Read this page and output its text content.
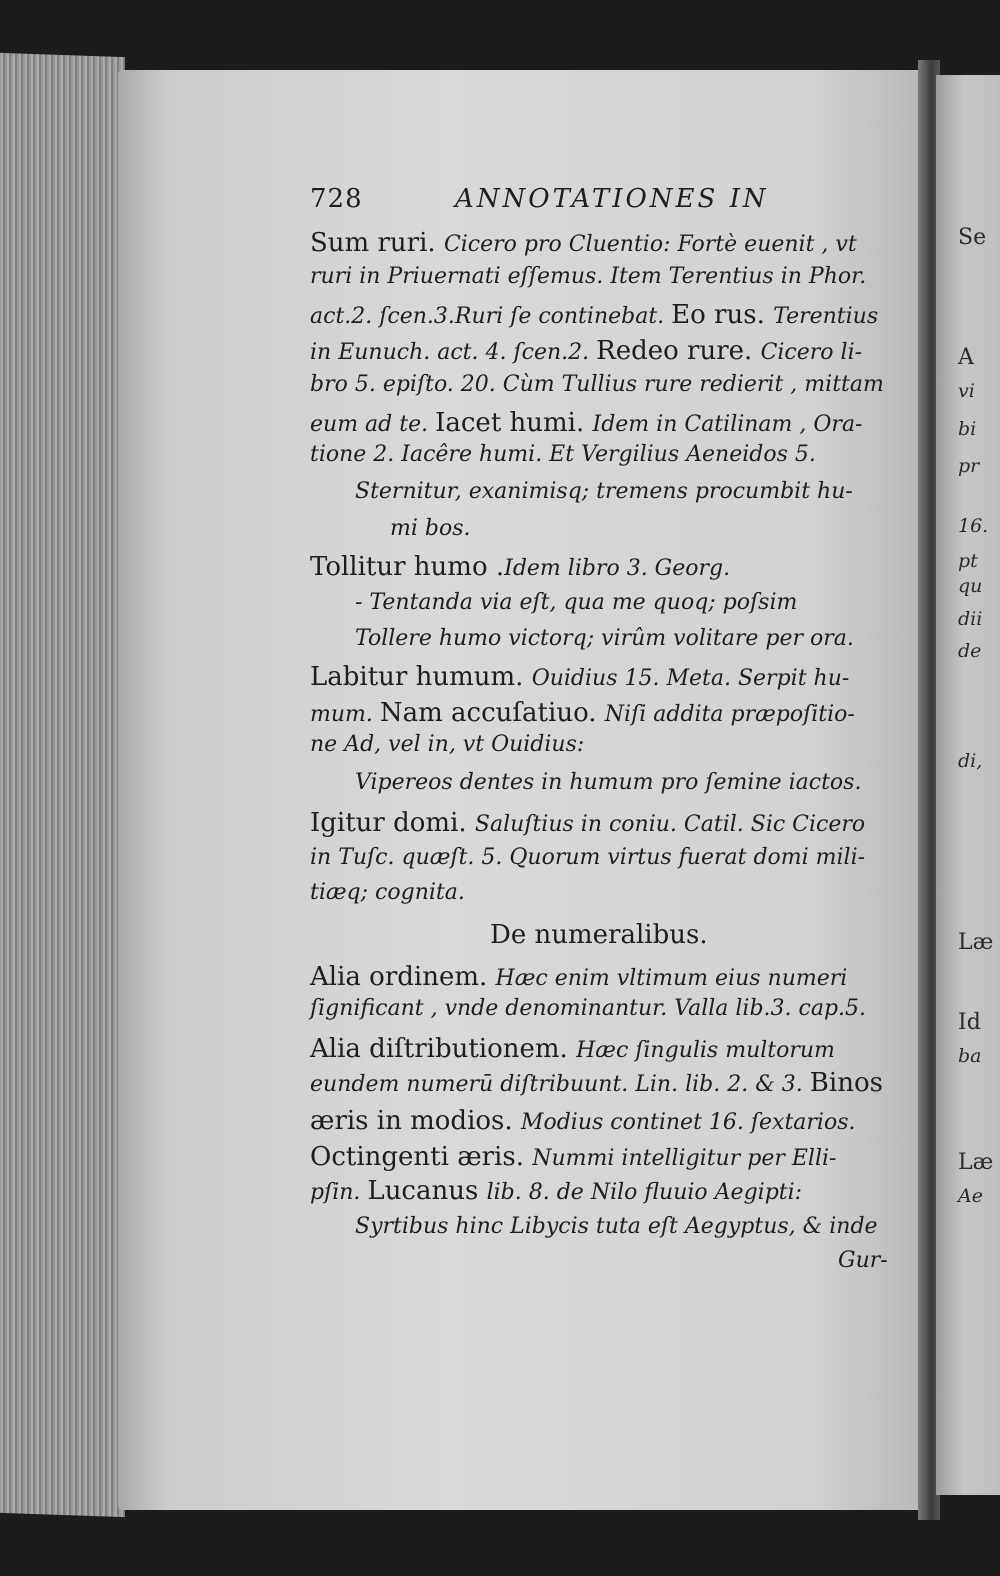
Se
A
vi
bi
pr
16.
pt
qu
dii
de
di,
Læ
Id
ba
Læ
Ae
728	ANNOTATIONES IN
Sum ruri. Cicero pro Cluentio: Fortè euenit , vt
ruri in Priuernati eſſemus. Item Terentius in Phor.
act.2. ſcen.3.Ruri ſe continebat. Eo rus. Terentius
in Eunuch. act. 4. ſcen.2. Redeo rure. Cicero li-
bro 5. epiſto. 20. Cùm Tullius rure redierit , mittam
eum ad te. Iacet humi. Idem in Catilinam , Ora-
tione 2. Iacêre humi. Et Vergilius Aeneidos 5.
Sternitur, exanimisq; tremens procumbit hu-
mi bos.
Tollitur humo .Idem libro 3. Georg.
- Tentanda via eſt, qua me quoq; poſsim
Tollere humo victorq; virûm volitare per ora.
Labitur humum. Ouidius 15. Meta. Serpit hu-
mum. Nam accuſatiuo. Niſi addita præpoſitio-
ne Ad, vel in, vt Ouidius:
Vipereos dentes in humum pro ſemine iactos.
Igitur domi. Saluſtius in coniu. Catil. Sic Cicero
in Tuſc. quæſt. 5. Quorum virtus fuerat domi mili-
tiæq; cognita.
De numeralibus.
Alia ordinem. Hæc enim vltimum eius numeri
ſignificant , vnde denominantur. Valla lib.3. cap.5.
Alia diſtributionem. Hæc ſingulis multorum
eundem numerū diſtribuunt. Lin. lib. 2. & 3. Binos
æris in modios. Modius continet 16. ſextarios.
Octingenti æris. Nummi intelligitur per Elli-
pſin. Lucanus lib. 8. de Nilo fluuio Aegipti:
Syrtibus hinc Libycis tuta eſt Aegyptus, & inde
Gur-
